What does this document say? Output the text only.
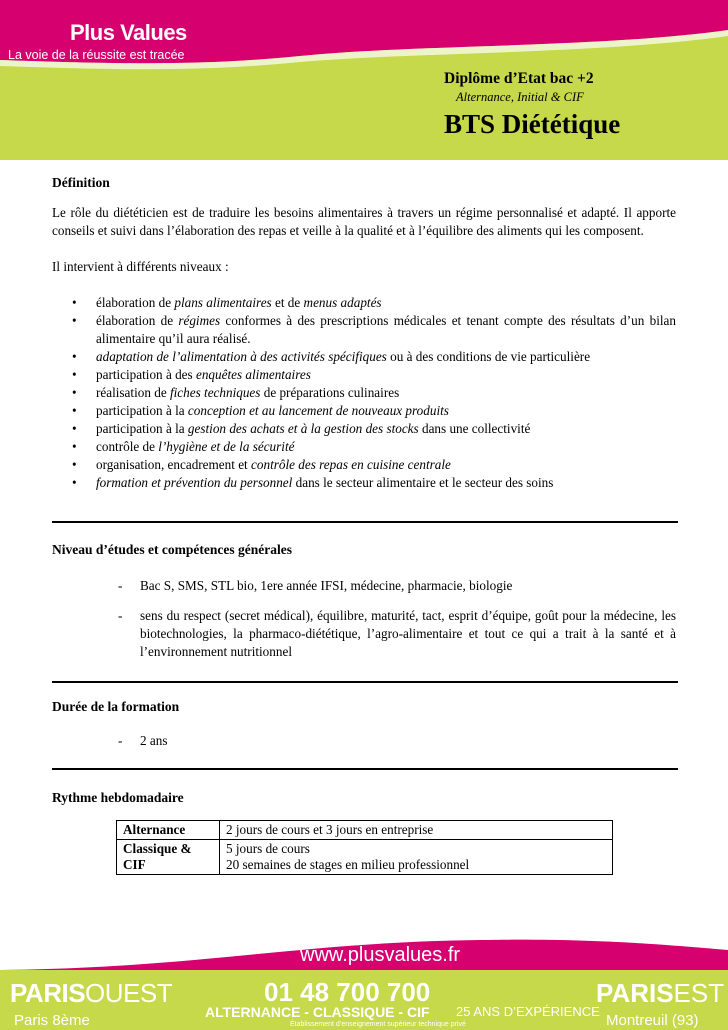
Plus Values
La voie de la réussite est tracée
Diplôme d’Etat bac +2
Alternance, Initial & CIF
BTS Diététique
Définition

Le rôle du diététicien est de traduire les besoins alimentaires à travers un régime personnalisé et adapté. Il apporte conseils et suivi dans l’élaboration des repas et veille à la qualité et à l’équilibre des aliments qui les composent.

Il intervient à différents niveaux :

• élaboration de plans alimentaires et de menus adaptés
• élaboration de régimes conformes à des prescriptions médicales et tenant compte des résultats d’un bilan alimentaire qu’il aura réalisé.
• adaptation de l’alimentation à des activités spécifiques ou à des conditions de vie particulière
• participation à des enquêtes alimentaires
• réalisation de fiches techniques de préparations culinaires
• participation à la conception et au lancement de nouveaux produits
• participation à la gestion des achats et à la gestion des stocks dans une collectivité
• contrôle de l’hygiène et de la sécurité
• organisation, encadrement et contrôle des repas en cuisine centrale
• formation et prévention du personnel dans le secteur alimentaire et le secteur des soins
Niveau d’études et compétences générales
- Bac S, SMS, STL bio, 1ere année IFSI, médecine, pharmacie, biologie
- sens du respect (secret médical), équilibre, maturité, tact, esprit d’équipe, goût pour la médecine, les biotechnologies, la pharmaco-diététique, l’agro-alimentaire et tout ce qui a trait à la santé et à l’environnement nutritionnel
Durée de la formation
- 2 ans
Rythme hebdomadaire
Alternance	2 jours de cours et 3 jours en entreprise
Classique & CIF	5 jours de cours
20 semaines de stages en milieu professionnel
www.plusvalues.fr
PARISOUEST
Paris 8ème
01 48 700 700
ALTERNANCE - CLASSIQUE - CIF 25 ANS D’EXPÉRIENCE
Établissement d’enseignement supérieur technique privé
PARISEST
Montreuil (93)
